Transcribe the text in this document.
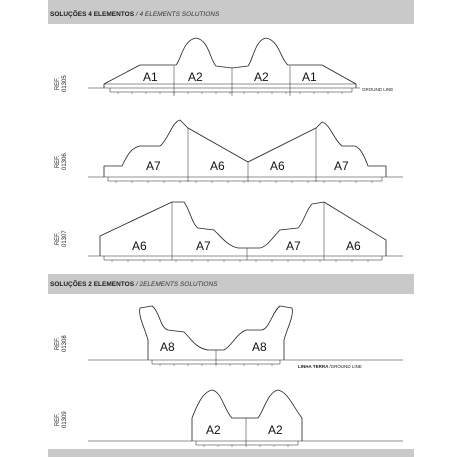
SOLUÇÕES 4 ELEMENTOS / 4 ELEMENTS SOLUTIONS
SOLUÇÕES 2 ELEMENTOS / 2ELEMENTS SOLUTIONS
REF.
01305
REF.
01306
REF.
01307
REF.
01308
REF.
01309
A1	A2	A2	A1
GROUND LINE
A7	A6	A6	A7
A6	A7	A7	A6
A8	A8
LINHA TERRA/GROUND LINE
A2	A2
